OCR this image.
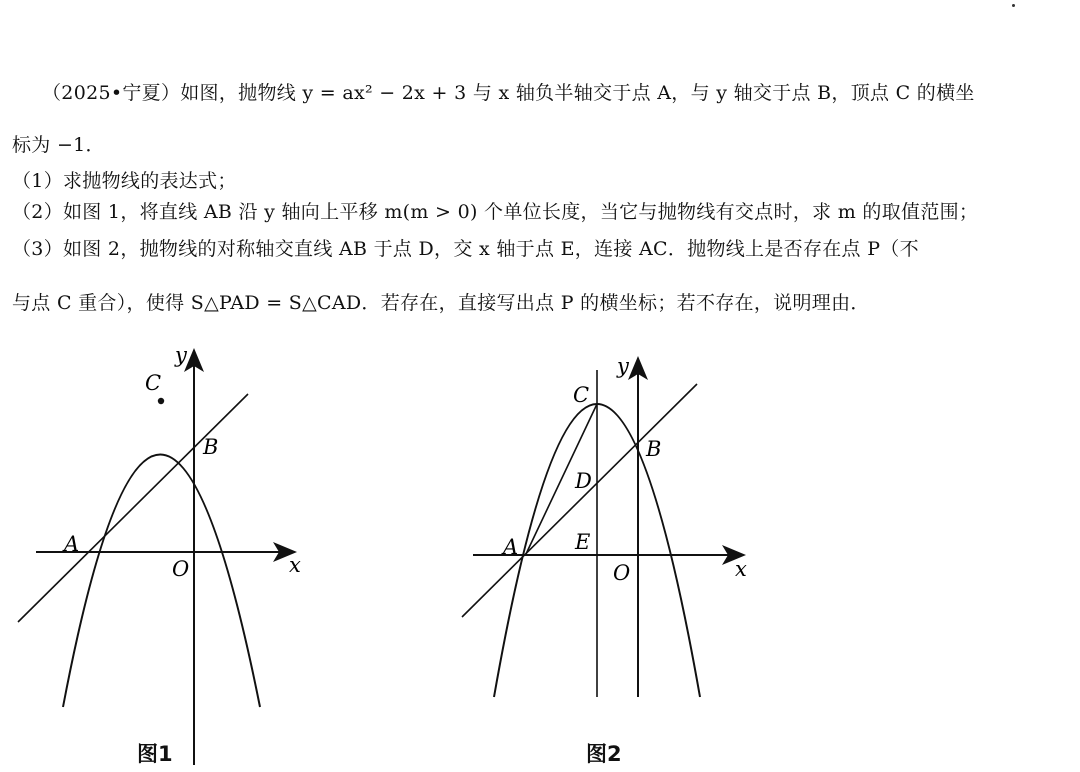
（2025•宁夏）如图，抛物线 y = ax² − 2x + 3 与 x 轴负半轴交于点 A，与 y 轴交于点 B，顶点 C 的横坐
标为 −1．
（1）求抛物线的表达式；
（2）如图 1，将直线 AB 沿 y 轴向上平移 m(m > 0) 个单位长度，当它与抛物线有交点时，求 m 的取值范围；
（3）如图 2，抛物线的对称轴交直线 AB 于点 D，交 x 轴于点 E，连接 AC．抛物线上是否存在点 P（不
与点 C 重合），使得 S△PAD = S△CAD．若存在，直接写出点 P 的横坐标；若不存在，说明理由．
y
x
C
B
A
O
y
x
C
B
D
E
A
O
图1	图2
